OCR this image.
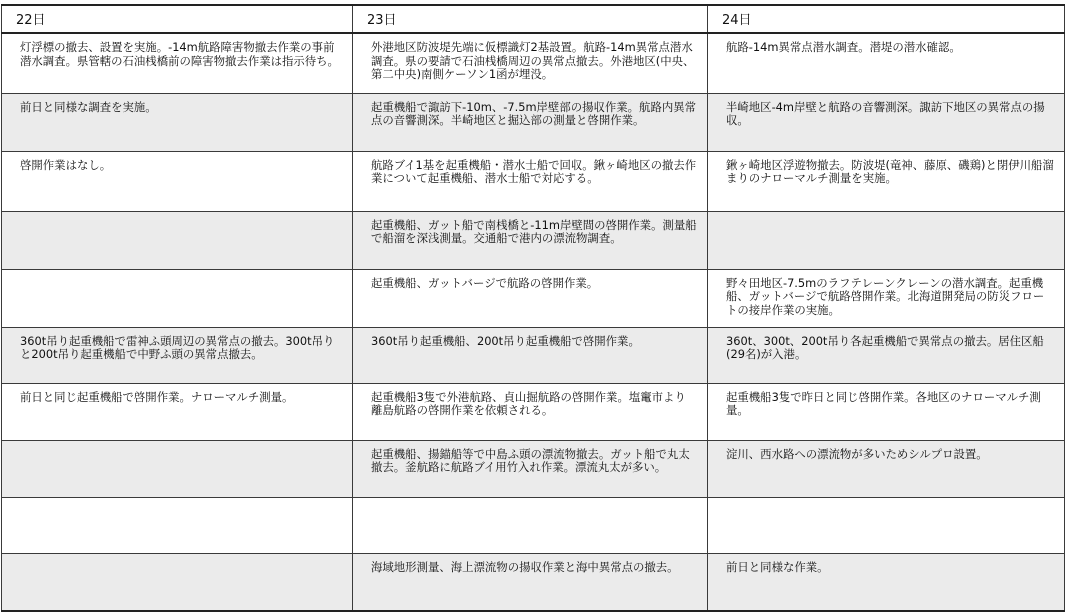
22日	23日	24日
灯浮標の撤去、設置を実施。-14m航路障害物撤去作業の事前潜水調査。県管轄の石油桟橋前の障害物撤去作業は指示待ち。	外港地区防波堤先端に仮標識灯2基設置。航路-14m異常点潜水調査。県の要請で石油桟橋周辺の異常点撤去。外港地区(中央、第二中央)南側ケーソン1函が埋没。	航路-14m異常点潜水調査。潜堤の潜水確認。
前日と同様な調査を実施。	起重機船で諏訪下-10m、-7.5m岸壁部の揚収作業。航路内異常点の音響測深。半崎地区と掘込部の測量と啓開作業。	半崎地区-4m岸壁と航路の音響測深。諏訪下地区の異常点の揚収。
啓開作業はなし。	航路ブイ1基を起重機船・潜水士船で回収。鍬ヶ崎地区の撤去作業について起重機船、潜水士船で対応する。	鍬ヶ崎地区浮遊物撤去。防波堤(竜神、藤原、磯鶏)と閉伊川船溜まりのナローマルチ測量を実施。
	起重機船、ガット船で南桟橋と-11m岸壁間の啓開作業。測量船で船溜を深浅測量。交通船で港内の漂流物調査。	
	起重機船、ガットバージで航路の啓開作業。	野々田地区-7.5mのラフテレーンクレーンの潜水調査。起重機船、ガットバージで航路啓開作業。北海道開発局の防災フロートの接岸作業の実施。
360t吊り起重機船で雷神ふ頭周辺の異常点の撤去。300t吊りと200t吊り起重機船で中野ふ頭の異常点撤去。	360t吊り起重機船、200t吊り起重機船で啓開作業。	360t、300t、200t吊り各起重機船で異常点の撤去。居住区船(29名)が入港。
前日と同じ起重機船で啓開作業。ナローマルチ測量。	起重機船3隻で外港航路、貞山掘航路の啓開作業。塩竃市より離島航路の啓開作業を依頼される。	起重機船3隻で昨日と同じ啓開作業。各地区のナローマルチ測量。
	起重機船、揚錨船等で中島ふ頭の漂流物撤去。ガット船で丸太撤去。釜航路に航路ブイ用竹入れ作業。漂流丸太が多い。	淀川、西水路への漂流物が多いためシルプロ設置。

	海域地形測量、海上漂流物の揚収作業と海中異常点の撤去。	前日と同様な作業。
